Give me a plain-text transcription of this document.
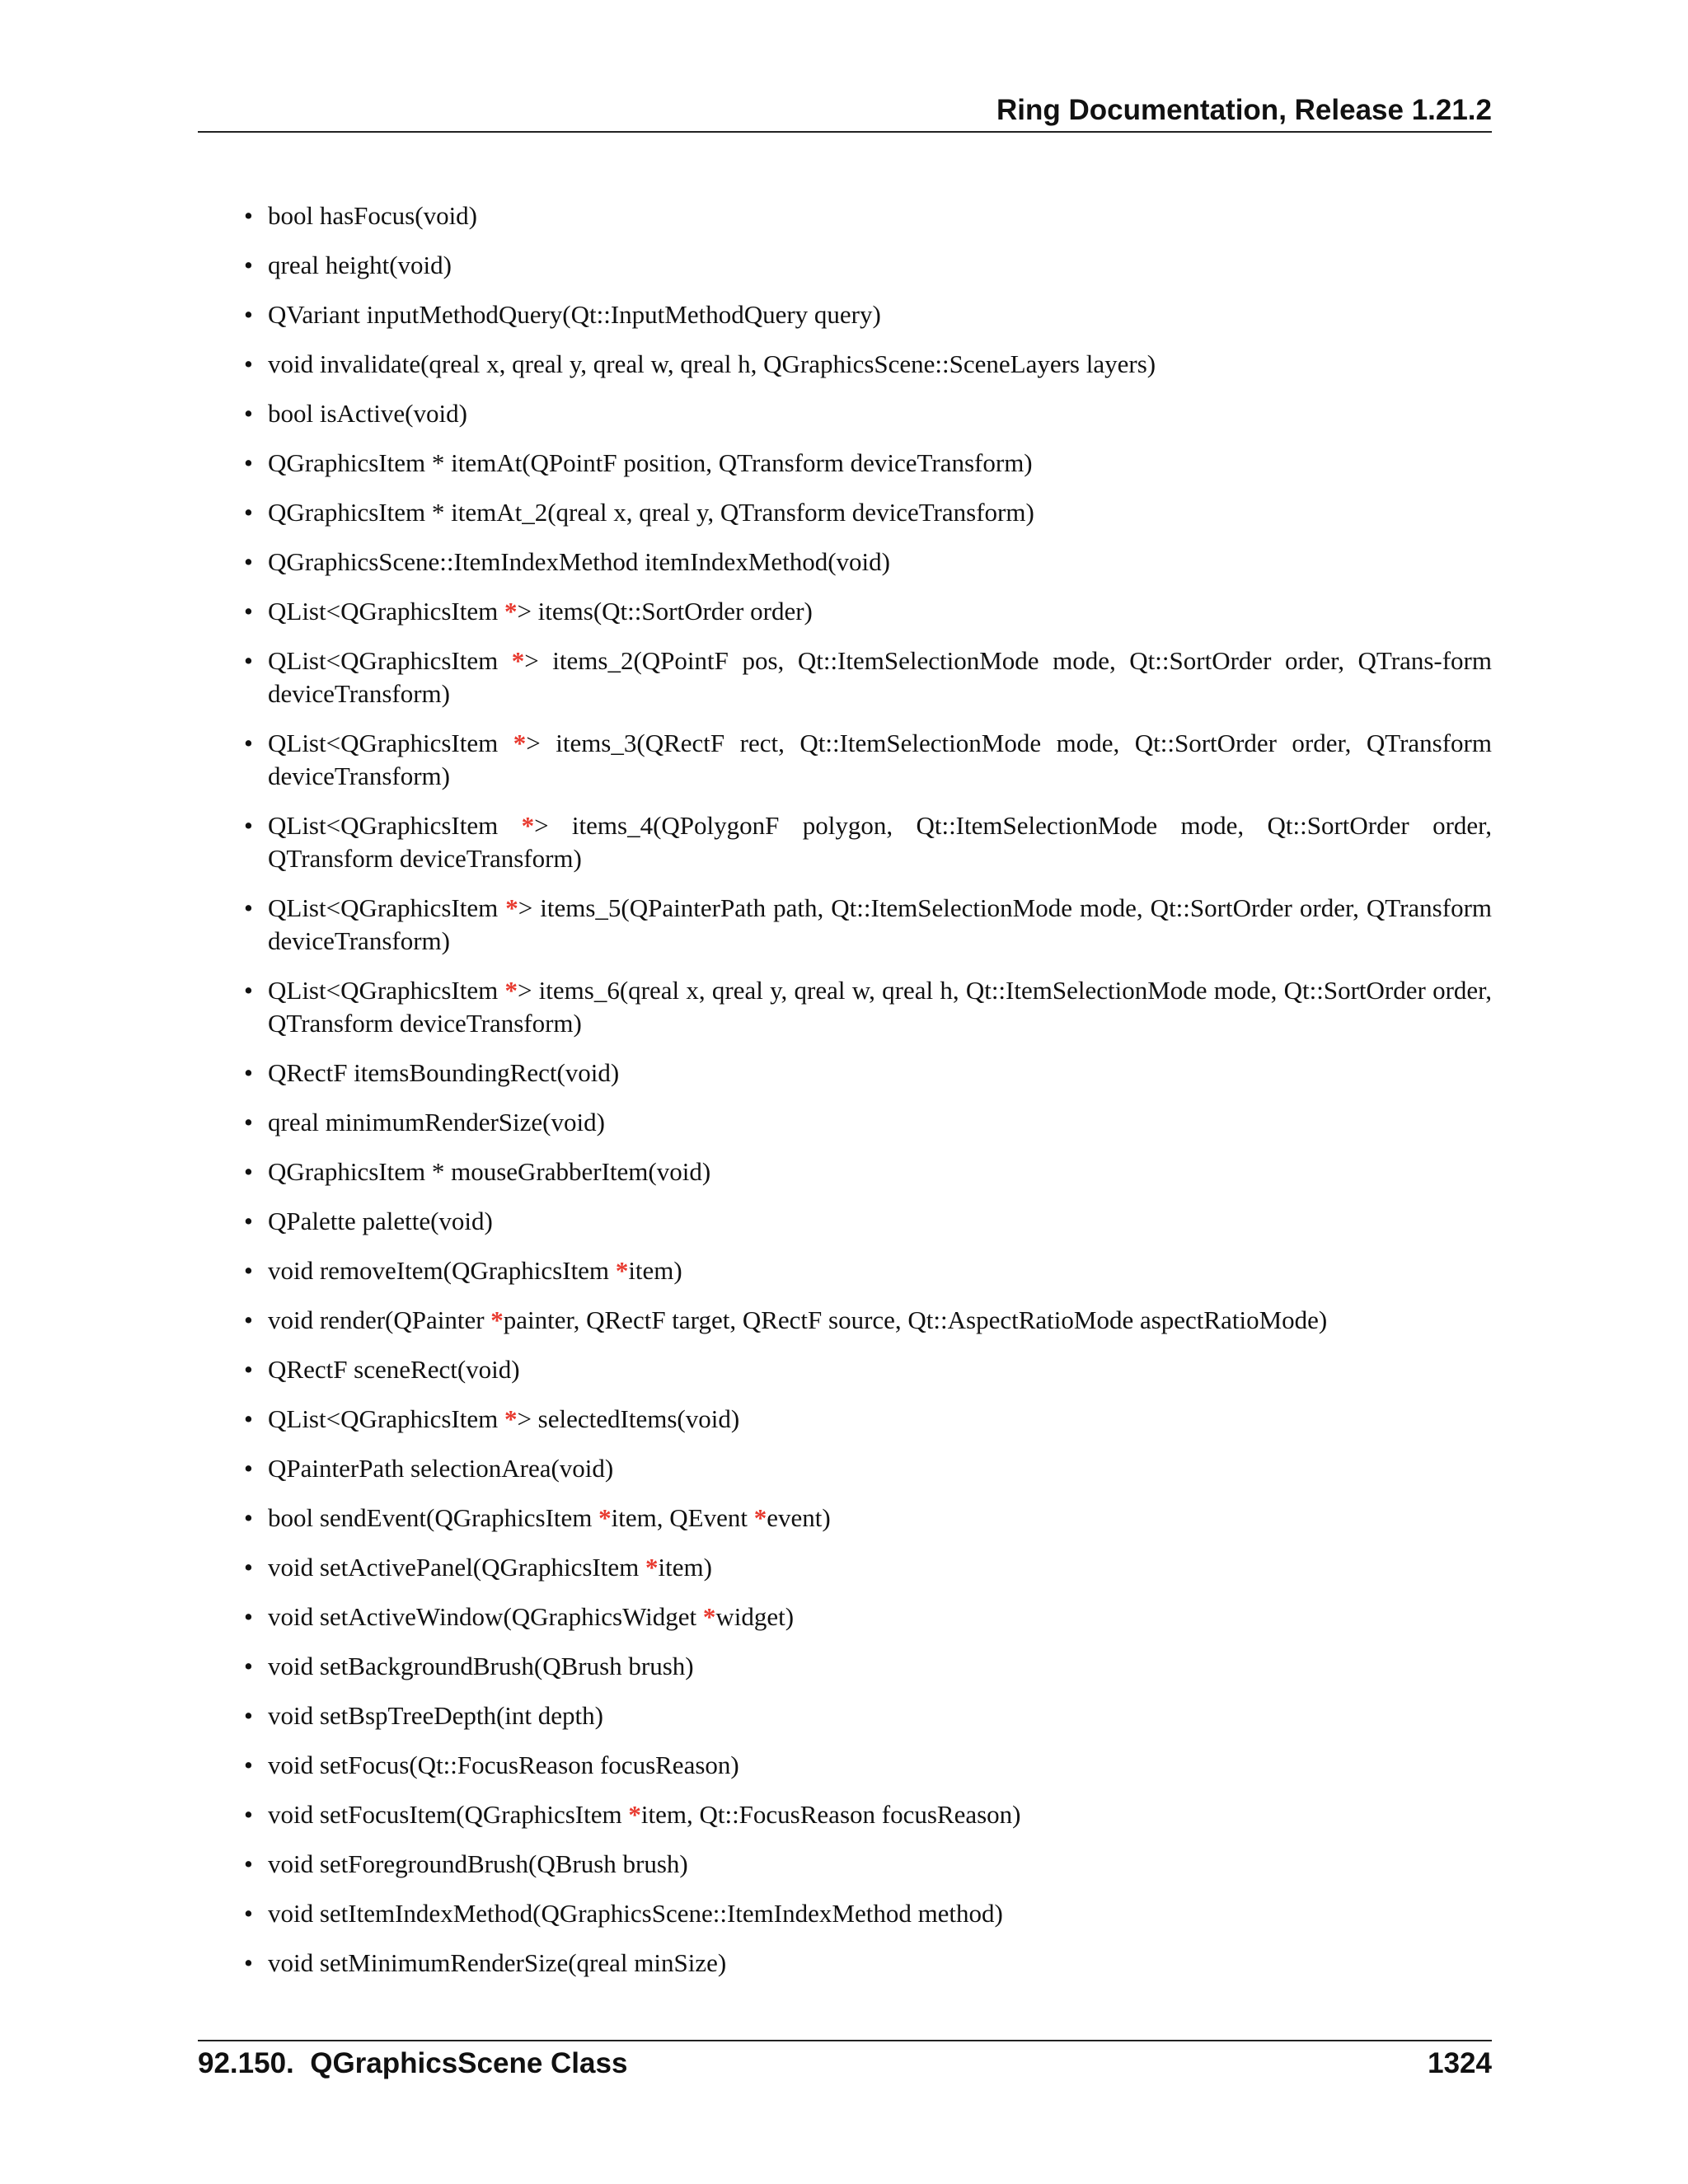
Ring Documentation, Release 1.21.2
• bool hasFocus(void)
• qreal height(void)
• QVariant inputMethodQuery(Qt::InputMethodQuery query)
• void invalidate(qreal x, qreal y, qreal w, qreal h, QGraphicsScene::SceneLayers layers)
• bool isActive(void)
• QGraphicsItem * itemAt(QPointF position, QTransform deviceTransform)
• QGraphicsItem * itemAt_2(qreal x, qreal y, QTransform deviceTransform)
• QGraphicsScene::ItemIndexMethod itemIndexMethod(void)
• QList<QGraphicsItem *> items(Qt::SortOrder order)
• QList<QGraphicsItem *> items_2(QPointF pos, Qt::ItemSelectionMode mode, Qt::SortOrder order, QTrans-form deviceTransform)
• QList<QGraphicsItem *> items_3(QRectF rect, Qt::ItemSelectionMode mode, Qt::SortOrder order, QTransform deviceTransform)
• QList<QGraphicsItem *> items_4(QPolygonF polygon, Qt::ItemSelectionMode mode, Qt::SortOrder order, QTransform deviceTransform)
• QList<QGraphicsItem *> items_5(QPainterPath path, Qt::ItemSelectionMode mode, Qt::SortOrder order, QTransform deviceTransform)
• QList<QGraphicsItem *> items_6(qreal x, qreal y, qreal w, qreal h, Qt::ItemSelectionMode mode, Qt::SortOrder order, QTransform deviceTransform)
• QRectF itemsBoundingRect(void)
• qreal minimumRenderSize(void)
• QGraphicsItem * mouseGrabberItem(void)
• QPalette palette(void)
• void removeItem(QGraphicsItem *item)
• void render(QPainter *painter, QRectF target, QRectF source, Qt::AspectRatioMode aspectRatioMode)
• QRectF sceneRect(void)
• QList<QGraphicsItem *> selectedItems(void)
• QPainterPath selectionArea(void)
• bool sendEvent(QGraphicsItem *item, QEvent *event)
• void setActivePanel(QGraphicsItem *item)
• void setActiveWindow(QGraphicsWidget *widget)
• void setBackgroundBrush(QBrush brush)
• void setBspTreeDepth(int depth)
• void setFocus(Qt::FocusReason focusReason)
• void setFocusItem(QGraphicsItem *item, Qt::FocusReason focusReason)
• void setForegroundBrush(QBrush brush)
• void setItemIndexMethod(QGraphicsScene::ItemIndexMethod method)
• void setMinimumRenderSize(qreal minSize)
92.150.  QGraphicsScene Class	1324
